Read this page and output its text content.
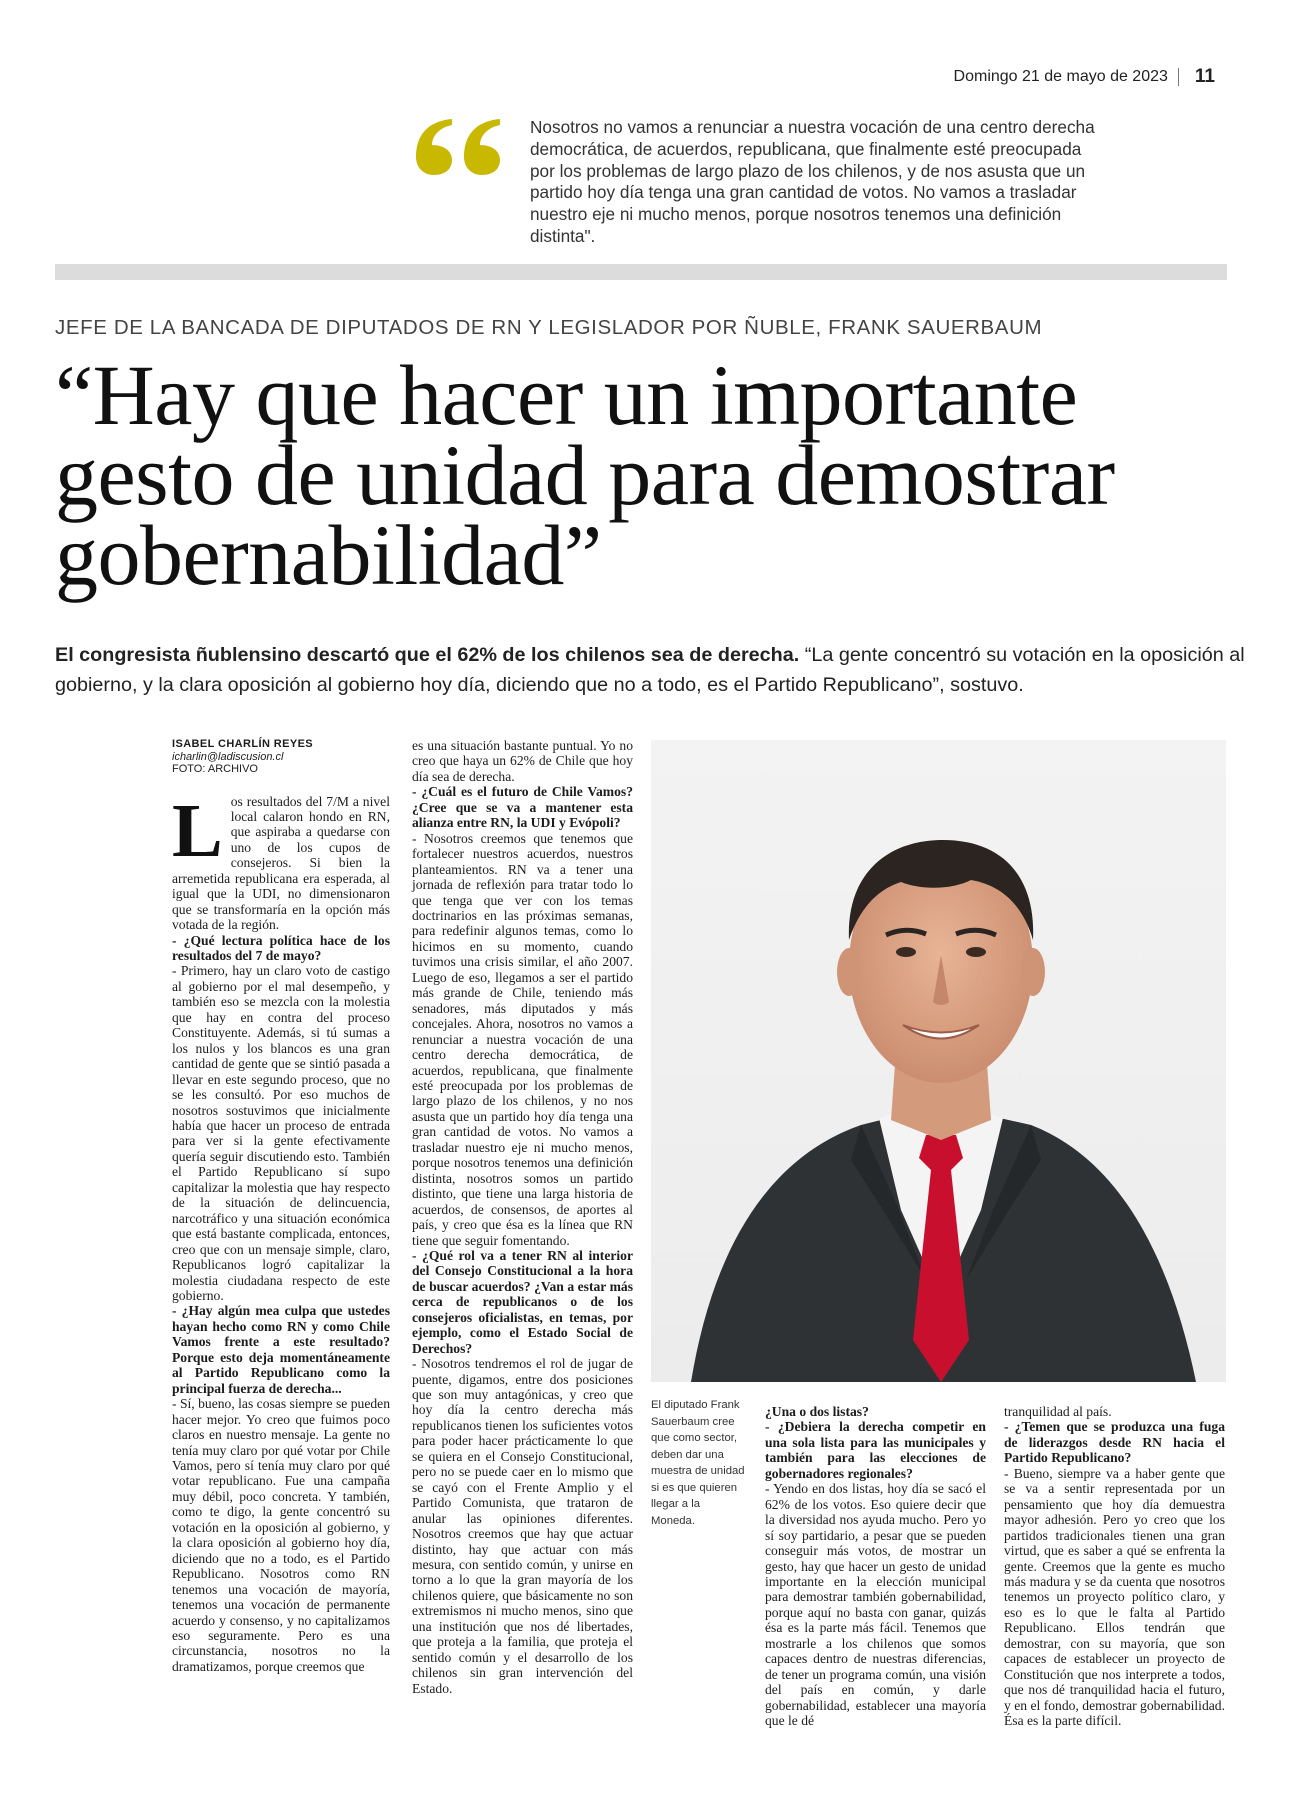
Domingo 21 de mayo de 2023 11
Nosotros no vamos a renunciar a nuestra vocación de una centro derecha democrática, de acuerdos, republicana, que finalmente esté preocupada por los problemas de largo plazo de los chilenos, y de nos asusta que un partido hoy día tenga una gran cantidad de votos. No vamos a trasladar nuestro eje ni mucho menos, porque nosotros tenemos una definición distinta".
JEFE DE LA BANCADA DE DIPUTADOS DE RN Y LEGISLADOR POR ÑUBLE, FRANK SAUERBAUM
“Hay que hacer un importante gesto de unidad para demostrar gobernabilidad”
El congresista ñublensino descartó que el 62% de los chilenos sea de derecha. “La gente concentró su votación en la oposición al gobierno, y la clara oposición al gobierno hoy día, diciendo que no a todo, es el Partido Republicano”, sostuvo.
ISABEL CHARLÍN REYES
icharlin@ladiscusion.cl
FOTO: ARCHIVO
L os resultados del 7/M a nivel local calaron hondo en RN, que aspiraba a quedarse con uno de los cupos de consejeros. Si bien la arremetida republicana era esperada, al igual que la UDI, no dimensionaron que se transformaría en la opción más votada de la región.

- ¿Qué lectura política hace de los resultados del 7 de mayo?

- Primero, hay un claro voto de castigo al gobierno por el mal desempeño, y también eso se mezcla con la molestia que hay en contra del proceso Constituyente. Además, si tú sumas a los nulos y los blancos es una gran cantidad de gente que se sintió pasada a llevar en este segundo proceso, que no se les consultó. Por eso muchos de nosotros sostuvimos que inicialmente había que hacer un proceso de entrada para ver si la gente efectivamente quería seguir discutiendo esto. También el Partido Republicano sí supo capitalizar la molestia que hay respecto de la situación de delincuencia, narcotráfico y una situación económica que está bastante complicada, entonces, creo que con un mensaje simple, claro, Republicanos logró capitalizar la molestia ciudadana respecto de este gobierno.

- ¿Hay algún mea culpa que ustedes hayan hecho como RN y como Chile Vamos frente a este resultado? Porque esto deja momentáneamente al Partido Republicano como la principal fuerza de derecha...

- Sí, bueno, las cosas siempre se pueden hacer mejor. Yo creo que fuimos poco claros en nuestro mensaje. La gente no tenía muy claro por qué votar por Chile Vamos, pero sí tenía muy claro por qué votar republicano. Fue una campaña muy débil, poco concreta. Y también, como te digo, la gente concentró su votación en la oposición al gobierno, y la clara oposición al gobierno hoy día, diciendo que no a todo, es el Partido Republicano. Nosotros como RN tenemos una vocación de mayoría, tenemos una vocación de permanente acuerdo y consenso, y no capitalizamos eso seguramente. Pero es una circunstancia, nosotros no la dramatizamos, porque creemos que

es una situación bastante puntual. Yo no creo que haya un 62% de Chile que hoy día sea de derecha.

- ¿Cuál es el futuro de Chile Vamos? ¿Cree que se va a mantener esta alianza entre RN, la UDI y Evópoli?

- Nosotros creemos que tenemos que fortalecer nuestros acuerdos, nuestros planteamientos. RN va a tener una jornada de reflexión para tratar todo lo que tenga que ver con los temas doctrinarios en las próximas semanas, para redefinir algunos temas, como lo hicimos en su momento, cuando tuvimos una crisis similar, el año 2007. Luego de eso, llegamos a ser el partido más grande de Chile, teniendo más senadores, más diputados y más concejales. Ahora, nosotros no vamos a renunciar a nuestra vocación de una centro derecha democrática, de acuerdos, republicana, que finalmente esté preocupada por los problemas de largo plazo de los chilenos, y no nos asusta que un partido hoy día tenga una gran cantidad de votos. No vamos a trasladar nuestro eje ni mucho menos, porque nosotros tenemos una definición distinta, nosotros somos un partido distinto, que tiene una larga historia de acuerdos, de consensos, de aportes al país, y creo que ésa es la línea que RN tiene que seguir fomentando.

- ¿Qué rol va a tener RN al interior del Consejo Constitucional a la hora de buscar acuerdos? ¿Van a estar más cerca de republicanos o de los consejeros oficialistas, en temas, por ejemplo, como el Estado Social de Derechos?

- Nosotros tendremos el rol de jugar de puente, digamos, entre dos posiciones que son muy antagónicas, y creo que hoy día la centro derecha más republicanos tienen los suficientes votos para poder hacer prácticamente lo que se quiera en el Consejo Constitucional, pero no se puede caer en lo mismo que se cayó con el Frente Amplio y el Partido Comunista, que trataron de anular las opiniones diferentes. Nosotros creemos que hay que actuar distinto, hay que actuar con más mesura, con sentido común, y unirse en torno a lo que la gran mayoría de los chilenos quiere, que básicamente no son extremismos ni mucho menos, sino que una institución que nos dé libertades, que proteja a la familia, que proteja el sentido común y el desarrollo de los chilenos sin gran intervención del Estado.

El diputado Frank Sauerbaum cree que como sector, deben dar una muestra de unidad si es que quieren llegar a la Moneda.

¿Una o dos listas?

- ¿Debiera la derecha competir en una sola lista para las municipales y también para las elecciones de gobernadores regionales?

- Yendo en dos listas, hoy día se sacó el 62% de los votos. Eso quiere decir que la diversidad nos ayuda mucho. Pero yo sí soy partidario, a pesar que se pueden conseguir más votos, de mostrar un gesto, hay que hacer un gesto de unidad importante en la elección municipal para demostrar también gobernabilidad, porque aquí no basta con ganar, quizás ésa es la parte más fácil. Tenemos que mostrarle a los chilenos que somos capaces dentro de nuestras diferencias, de tener un programa común, una visión del país en común, y darle gobernabilidad, establecer una mayoría que le dé

tranquilidad al país.

- ¿Temen que se produzca una fuga de liderazgos desde RN hacia el Partido Republicano?

- Bueno, siempre va a haber gente que se va a sentir representada por un pensamiento que hoy día demuestra mayor adhesión. Pero yo creo que los partidos tradicionales tienen una gran virtud, que es saber a qué se enfrenta la gente. Creemos que la gente es mucho más madura y se da cuenta que nosotros tenemos un proyecto político claro, y eso es lo que le falta al Partido Republicano. Ellos tendrán que demostrar, con su mayoría, que son capaces de establecer un proyecto de Constitución que nos interprete a todos, que nos dé tranquilidad hacia el futuro, y en el fondo, demostrar gobernabilidad. Ésa es la parte difícil.
